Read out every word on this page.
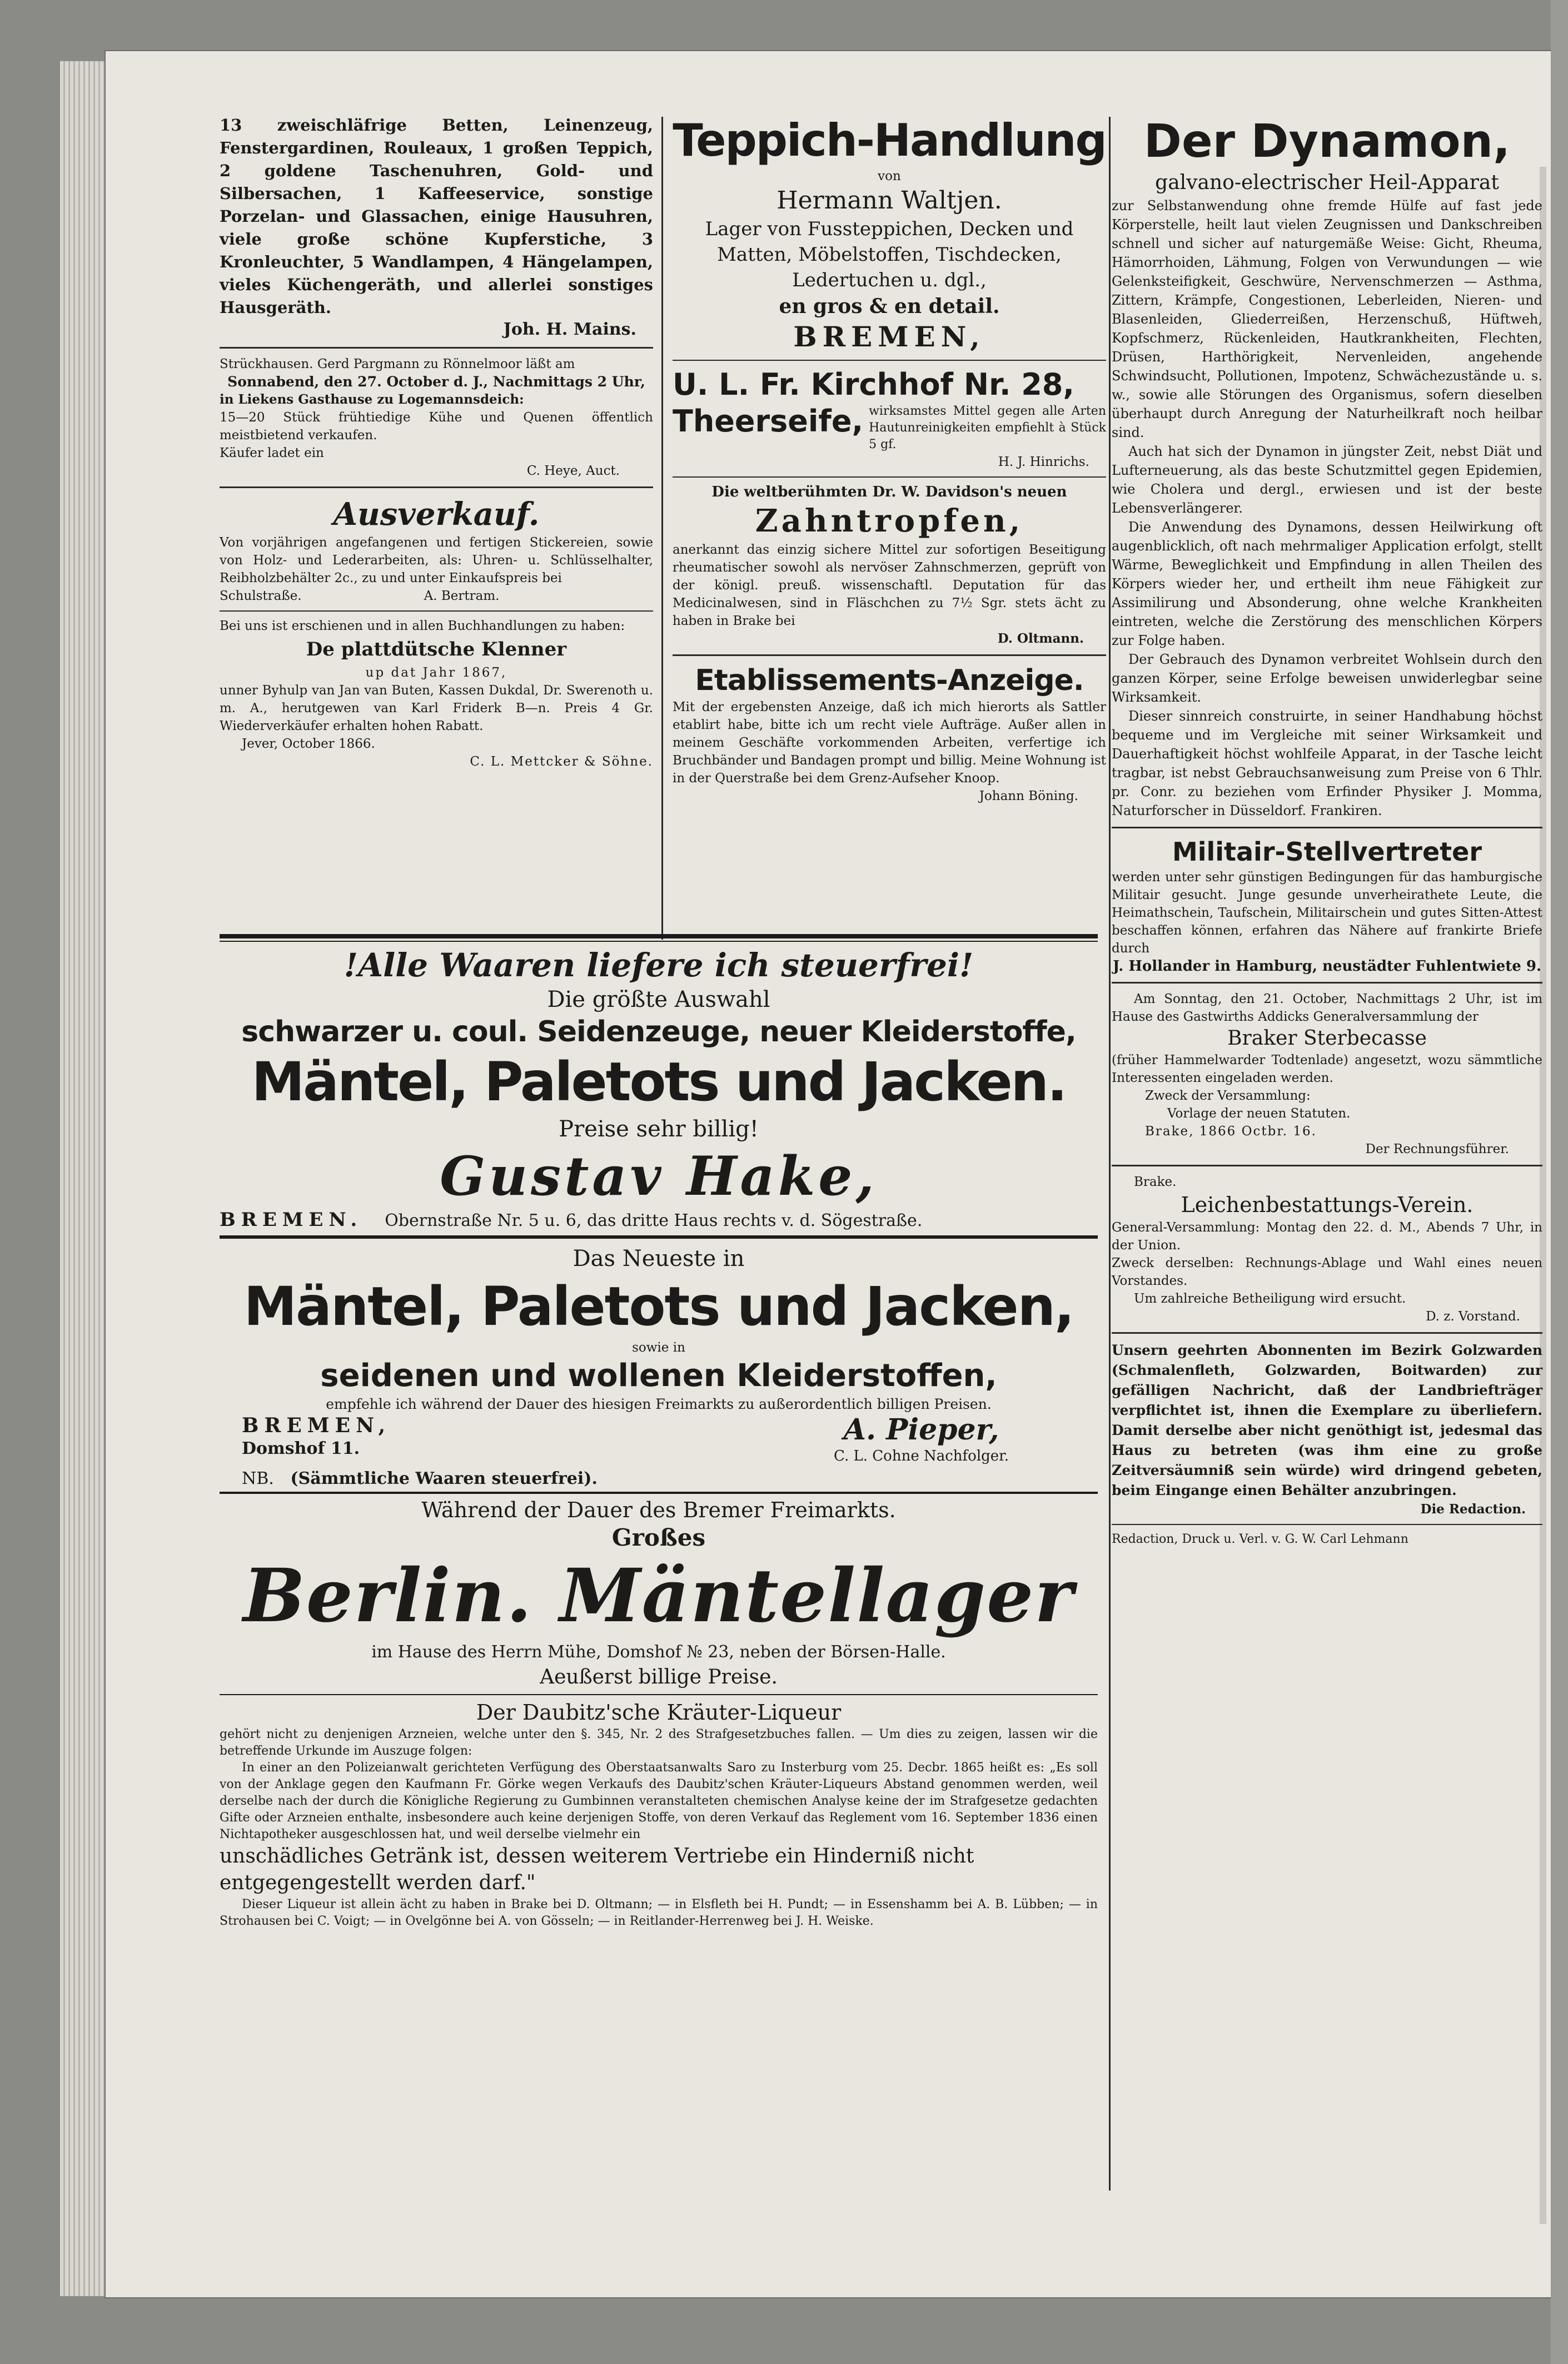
13 zweischläfrige Betten, Leinenzeug, Fenstergardinen, Rouleaux, 1 großen Teppich, 2 goldene Taschenuhren, Gold- und Silbersachen, 1 Kaffeeservice, sonstige Porzelan- und Glassachen, einige Hausuhren, viele große schöne Kupferstiche, 3 Kronleuchter, 5 Wandlampen, 4 Hängelampen, vieles Küchengeräth, und allerlei sonstiges Hausgeräth.

Joh. H. Mains.

Strückhausen. Gerd Pargmann zu Rönnelmoor läßt am

Sonnabend, den 27. October d. J., Nachmittags 2 Uhr,

in Liekens Gasthause zu Logemannsdeich:

15—20 Stück frühtiedige Kühe und Quenen öffentlich meistbietend verkaufen.

Käufer ladet ein

C. Heye, Auct.

Ausverkauf.

Von vorjährigen angefangenen und fertigen Stickereien, sowie von Holz- und Lederarbeiten, als: Uhren- u. Schlüsselhalter, Reibholzbehälter 2c., zu und unter Einkaufspreis bei

Schulstraße.	A. Bertram.

Bei uns ist erschienen und in allen Buchhandlungen zu haben:

De plattdütsche Klenner

up dat Jahr 1867,

unner Byhulp van Jan van Buten, Kassen Dukdal, Dr. Swerenoth u. m. A., herutgewen van Karl Friderk B—n. Preis 4 Gr. Wiederverkäufer erhalten hohen Rabatt.

Jever, October 1866.

C. L. Mettcker & Söhne.

Teppich-Handlung

von

Hermann Waltjen.

Lager von Fussteppichen, Decken und Matten, Möbelstoffen, Tischdecken, Ledertuchen u. dgl.,

en gros & en detail.

BREMEN,

U. L. Fr. Kirchhof Nr. 28,

Theerseife, wirksamstes Mittel gegen alle Arten Hautunreinigkeiten empfiehlt à Stück 5 gf.

H. J. Hinrichs.

Die weltberühmten Dr. W. Davidson's neuen

Zahntropfen,

anerkannt das einzig sichere Mittel zur sofortigen Beseitigung rheumatischer sowohl als nervöser Zahnschmerzen, geprüft von der königl. preuß. wissenschaftl. Deputation für das Medicinalwesen, sind in Fläschchen zu 7½ Sgr. stets ächt zu haben in Brake bei

D. Oltmann.

Etablissements-Anzeige.

Mit der ergebensten Anzeige, daß ich mich hierorts als Sattler etablirt habe, bitte ich um recht viele Aufträge. Außer allen in meinem Geschäfte vorkommenden Arbeiten, verfertige ich Bruchbänder und Bandagen prompt und billig. Meine Wohnung ist in der Querstraße bei dem Grenz-Aufseher Knoop.

Johann Böning.

Der Dynamon,

galvano-electrischer Heil-Apparat

zur Selbstanwendung ohne fremde Hülfe auf fast jede Körperstelle, heilt laut vielen Zeugnissen und Dankschreiben schnell und sicher auf naturgemäße Weise: Gicht, Rheuma, Hämorrhoiden, Lähmung, Folgen von Verwundungen — wie Gelenksteifigkeit, Geschwüre, Nervenschmerzen — Asthma, Zittern, Krämpfe, Congestionen, Leberleiden, Nieren- und Blasenleiden, Gliederreißen, Herzenschuß, Hüftweh, Kopfschmerz, Rückenleiden, Hautkrankheiten, Flechten, Drüsen, Harthörigkeit, Nervenleiden, angehende Schwindsucht, Pollutionen, Impotenz, Schwächezustände u. s. w., sowie alle Störungen des Organismus, sofern dieselben überhaupt durch Anregung der Naturheilkraft noch heilbar sind.

Auch hat sich der Dynamon in jüngster Zeit, nebst Diät und Lufterneuerung, als das beste Schutzmittel gegen Epidemien, wie Cholera und dergl., erwiesen und ist der beste Lebensverlängerer.

Die Anwendung des Dynamons, dessen Heilwirkung oft augenblicklich, oft nach mehrmaliger Application erfolgt, stellt Wärme, Beweglichkeit und Empfindung in allen Theilen des Körpers wieder her, und ertheilt ihm neue Fähigkeit zur Assimilirung und Absonderung, ohne welche Krankheiten eintreten, welche die Zerstörung des menschlichen Körpers zur Folge haben.

Der Gebrauch des Dynamon verbreitet Wohlsein durch den ganzen Körper, seine Erfolge beweisen unwiderlegbar seine Wirksamkeit.

Dieser sinnreich construirte, in seiner Handhabung höchst bequeme und im Vergleiche mit seiner Wirksamkeit und Dauerhaftigkeit höchst wohlfeile Apparat, in der Tasche leicht tragbar, ist nebst Gebrauchsanweisung zum Preise von 6 Thlr. pr. Conr. zu beziehen vom Erfinder Physiker J. Momma, Naturforscher in Düsseldorf. Frankiren.

Militair-Stellvertreter

werden unter sehr günstigen Bedingungen für das hamburgische Militair gesucht. Junge gesunde unverheirathete Leute, die Heimathschein, Taufschein, Militairschein und gutes Sitten-Attest beschaffen können, erfahren das Nähere auf frankirte Briefe durch

J. Hollander in Hamburg, neustädter Fuhlentwiete 9.

Am Sonntag, den 21. October, Nachmittags 2 Uhr, ist im Hause des Gastwirths Addicks Generalversammlung der

Braker Sterbecasse

(früher Hammelwarder Todtenlade) angesetzt, wozu sämmtliche Interessenten eingeladen werden.

Zweck der Versammlung:

Vorlage der neuen Statuten.

Brake, 1866 Octbr. 16.

Der Rechnungsführer.

Brake.

Leichenbestattungs-Verein.

General-Versammlung: Montag den 22. d. M., Abends 7 Uhr, in der Union.

Zweck derselben: Rechnungs-Ablage und Wahl eines neuen Vorstandes.

Um zahlreiche Betheiligung wird ersucht.

D. z. Vorstand.

Unsern geehrten Abonnenten im Bezirk Golzwarden (Schmalenfleth, Golzwarden, Boitwarden) zur gefälligen Nachricht, daß der Landbriefträger verpflichtet ist, ihnen die Exemplare zu überliefern. Damit derselbe aber nicht genöthigt ist, jedesmal das Haus zu betreten (was ihm eine zu große Zeitversäumniß sein würde) wird dringend gebeten, beim Eingange einen Behälter anzubringen.

Die Redaction.

Redaction, Druck u. Verl. v. G. W. Carl Lehmann

!Alle Waaren liefere ich steuerfrei!

Die größte Auswahl

schwarzer u. coul. Seidenzeuge, neuer Kleiderstoffe,

Mäntel, Paletots und Jacken.

Preise sehr billig!

Gustav Hake,

BREMEN. Obernstraße Nr. 5 u. 6, das dritte Haus rechts v. d. Sögestraße.

Das Neueste in

Mäntel, Paletots und Jacken,

sowie in

seidenen und wollenen Kleiderstoffen,

empfehle ich während der Dauer des hiesigen Freimarkts zu außerordentlich billigen Preisen.

BREMEN,
Domshof 11.
A. Pieper,
C. L. Cohne Nachfolger.

NB. (Sämmtliche Waaren steuerfrei).

Während der Dauer des Bremer Freimarkts.

Großes

Berlin. Mäntellager

im Hause des Herrn Mühe, Domshof № 23, neben der Börsen-Halle.

Aeußerst billige Preise.

Der Daubitz'sche Kräuter-Liqueur

gehört nicht zu denjenigen Arzneien, welche unter den §. 345, Nr. 2 des Strafgesetzbuches fallen. — Um dies zu zeigen, lassen wir die betreffende Urkunde im Auszuge folgen:

In einer an den Polizeianwalt gerichteten Verfügung des Oberstaatsanwalts Saro zu Insterburg vom 25. Decbr. 1865 heißt es: „Es soll von der Anklage gegen den Kaufmann Fr. Görke wegen Verkaufs des Daubitz'schen Kräuter-Liqueurs Abstand genommen werden, weil derselbe nach der durch die Königliche Regierung zu Gumbinnen veranstalteten chemischen Analyse keine der im Strafgesetze gedachten Gifte oder Arzneien enthalte, insbesondere auch keine derjenigen Stoffe, von deren Verkauf das Reglement vom 16. September 1836 einen Nichtapotheker ausgeschlossen hat, und weil derselbe vielmehr ein

unschädliches Getränk ist, dessen weiterem Vertriebe ein Hinderniß nicht entgegengestellt werden darf."

Dieser Liqueur ist allein ächt zu haben in Brake bei D. Oltmann; — in Elsfleth bei H. Pundt; — in Essenshamm bei A. B. Lübben; — in Strohausen bei C. Voigt; — in Ovelgönne bei A. von Gösseln; — in Reitlander-Herrenweg bei J. H. Weiske.
